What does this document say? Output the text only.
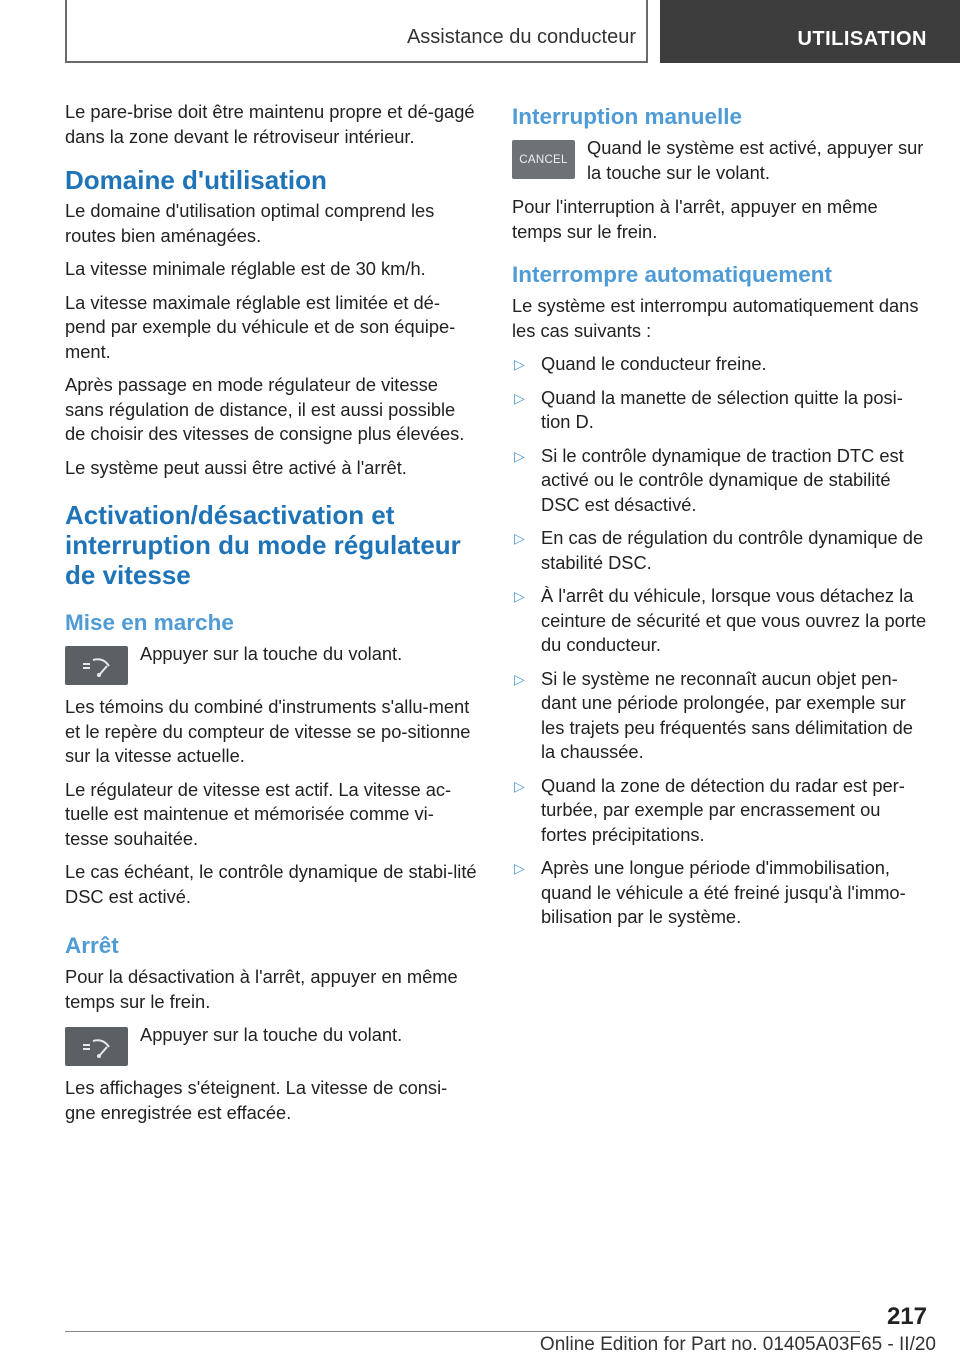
Assistance du conducteur	UTILISATION

Le pare-brise doit être maintenu propre et dé-gagé dans la zone devant le rétroviseur intérieur.

Domaine d'utilisation

Le domaine d'utilisation optimal comprend les routes bien aménagées.

La vitesse minimale réglable est de 30 km/h.

La vitesse maximale réglable est limitée et dé-pend par exemple du véhicule et de son équipe-ment.

Après passage en mode régulateur de vitesse sans régulation de distance, il est aussi possible de choisir des vitesses de consigne plus élevées.

Le système peut aussi être activé à l'arrêt.

Activation/désactivation et interruption du mode régulateur de vitesse
Mise en marche

Appuyer sur la touche du volant.

Les témoins du combiné d'instruments s'allu-ment et le repère du compteur de vitesse se po-sitionne sur la vitesse actuelle.

Le régulateur de vitesse est actif. La vitesse ac-tuelle est maintenue et mémorisée comme vi-tesse souhaitée.

Le cas échéant, le contrôle dynamique de stabi-lité DSC est activé.

Arrêt

Pour la désactivation à l'arrêt, appuyer en même temps sur le frein.

Appuyer sur la touche du volant.

Les affichages s'éteignent. La vitesse de consi-gne enregistrée est effacée.

Interruption manuelle
CANCEL

Quand le système est activé, appuyer sur la touche sur le volant.

Pour l'interruption à l'arrêt, appuyer en même temps sur le frein.

Interrompre automatiquement

Le système est interrompu automatiquement dans les cas suivants :

▷ Quand le conducteur freine.
▷ Quand la manette de sélection quitte la posi-tion D.
▷ Si le contrôle dynamique de traction DTC est activé ou le contrôle dynamique de stabilité DSC est désactivé.
▷ En cas de régulation du contrôle dynamique de stabilité DSC.
▷ À l'arrêt du véhicule, lorsque vous détachez la ceinture de sécurité et que vous ouvrez la porte du conducteur.
▷ Si le système ne reconnaît aucun objet pen-dant une période prolongée, par exemple sur les trajets peu fréquentés sans délimitation de la chaussée.
▷ Quand la zone de détection du radar est per-turbée, par exemple par encrassement ou fortes précipitations.
▷ Après une longue période d'immobilisation, quand le véhicule a été freiné jusqu'à l'immo-bilisation par le système.
217
Online Edition for Part no. 01405A03F65 - II/20
